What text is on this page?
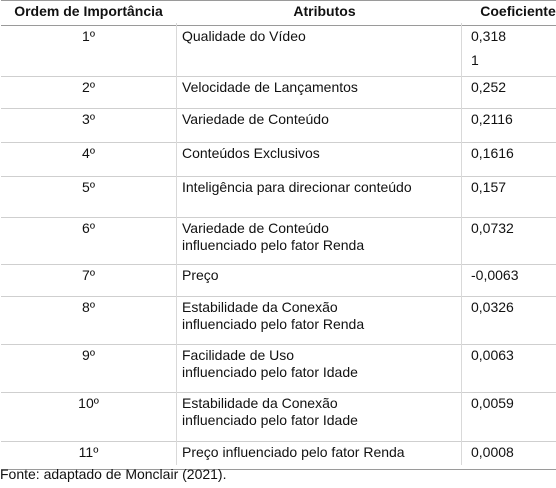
Ordem de Importância	Atributos	Coeficiente
1º	Qualidade do Vídeo	0,318
1

2º	Velocidade de Lançamentos	0,252

3º	Variedade de Conteúdo	0,2116

4º	Conteúdos Exclusivos	0,1616

5º	Inteligência para direcionar conteúdo	0,157

6º	Variedade de Conteúdo
influenciado pelo fator Renda	0,0732

7º	Preço	-0,0063

8º	Estabilidade da Conexão
influenciado pelo fator Renda	0,0326

9º	Facilidade de Uso
influenciado pelo fator Idade	0,0063

10º	Estabilidade da Conexão
influenciado pelo fator Idade	0,0059

11º	Preço influenciado pelo fator Renda	0,0008
Fonte: adaptado de Monclair (2021).
